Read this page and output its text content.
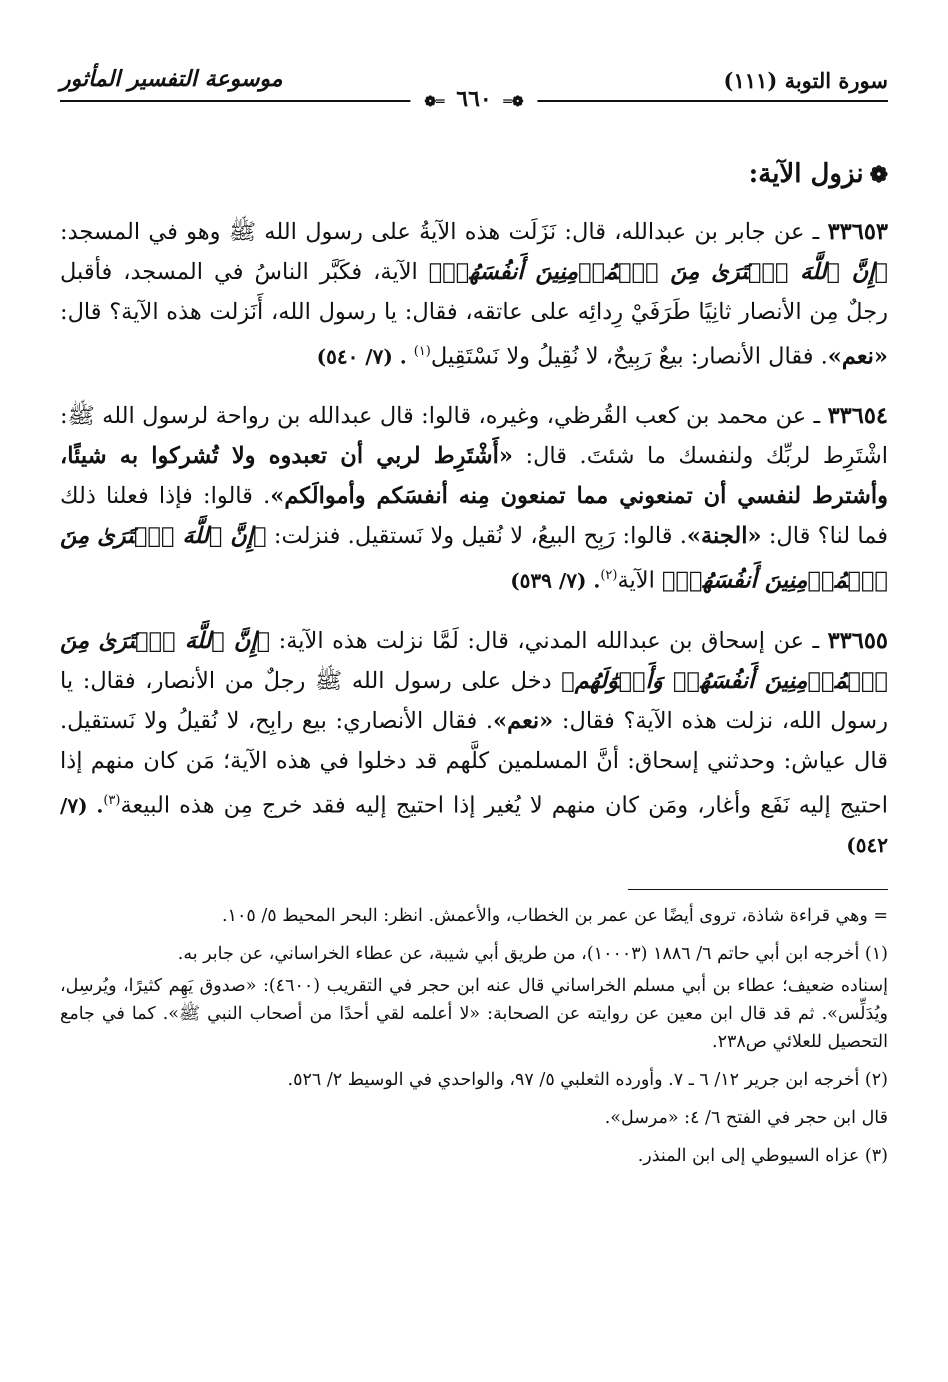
سورة التوبة (١١١)
موسوعة التفسير المأثور
❁═ ٦٦٠ ═❁
❁نزول الآية:

٣٣٦٥٣ ـ عن جابر بن عبدالله، قال: نَزَلَت هذه الآيةُ على رسول الله ﷺ وهو في المسجد: ﴿إِنَّ ٱللَّهَ ٱشۡتَرَىٰ مِنَ ٱلۡمُؤۡمِنِينَ أَنفُسَهُمۡ﴾ الآية، فكَبَّر الناسُ في المسجد، فأقبل رجلٌ مِن الأنصار ثانِيًا طَرَفَيْ رِدائِه على عاتقه، فقال: يا رسول الله، أَنَزلت هذه الآية؟ قال: «نعم». فقال الأنصار: بيعٌ رَبِيحٌ، لا نُقِيلُ ولا نَسْتَقِيل$^{(١)}$ . (٧/ ٥٤٠)

٣٣٦٥٤ ـ عن محمد بن كعب القُرظي، وغيره، قالوا: قال عبدالله بن رواحة لرسول الله ﷺ: اشْتَرِط لربِّك ولنفسك ما شئتَ. قال: «أَشْتَرِط لربي أن تعبدوه ولا تُشركوا به شيئًا، وأشترط لنفسي أن تمنعوني مما تمنعون مِنه أنفسَكم وأموالَكم». قالوا: فإذا فعلنا ذلك فما لنا؟ قال: «الجنة». قالوا: رَبِح البيعُ، لا نُقيل ولا نَستقيل. فنزلت: ﴿إِنَّ ٱللَّهَ ٱشۡتَرَىٰ مِنَ ٱلۡمُؤۡمِنِينَ أَنفُسَهُمۡ﴾ الآية$^{(٢)}$. (٧/ ٥٣٩)

٣٣٦٥٥ ـ عن إسحاق بن عبدالله المدني، قال: لَمَّا نزلت هذه الآية: ﴿إِنَّ ٱللَّهَ ٱشۡتَرَىٰ مِنَ ٱلۡمُؤۡمِنِينَ أَنفُسَهُمۡ وَأَمۡوَٰلَهُم﴾ دخل على رسول الله ﷺ رجلٌ من الأنصار، فقال: يا رسول الله، نزلت هذه الآية؟ فقال: «نعم». فقال الأنصاري: بيع رابِح، لا نُقيلُ ولا نَستقيل. قال عياش: وحدثني إسحاق: أنَّ المسلمين كلَّهم قد دخلوا في هذه الآية؛ مَن كان منهم إذا احتيج إليه نَفَع وأغار، ومَن كان منهم لا يُغير إذا احتيج إليه فقد خرج مِن هذه البيعة$^{(٣)}$. (٧/ ٥٤٢)

= وهي قراءة شاذة، تروى أيضًا عن عمر بن الخطاب، والأعمش. انظر: البحر المحيط ٥/ ١٠٥.

(١) أخرجه ابن أبي حاتم ٦/ ١٨٨٦ (١٠٠٠٣)، من طريق أبي شيبة، عن عطاء الخراساني، عن جابر به.

إسناده ضعيف؛ عطاء بن أبي مسلم الخراساني قال عنه ابن حجر في التقريب (٤٦٠٠): «صدوق يَهِم كثيرًا، ويُرسِل، ويُدَلِّس». ثم قد قال ابن معين عن روايته عن الصحابة: «لا أعلمه لقي أحدًا من أصحاب النبي ﷺ». كما في جامع التحصيل للعلائي ص٢٣٨.

(٢) أخرجه ابن جرير ١٢/ ٦ ـ ٧. وأورده الثعلبي ٥/ ٩٧، والواحدي في الوسيط ٢/ ٥٢٦.

قال ابن حجر في الفتح ٦/ ٤: «مرسل».

(٣) عزاه السيوطي إلى ابن المنذر.
